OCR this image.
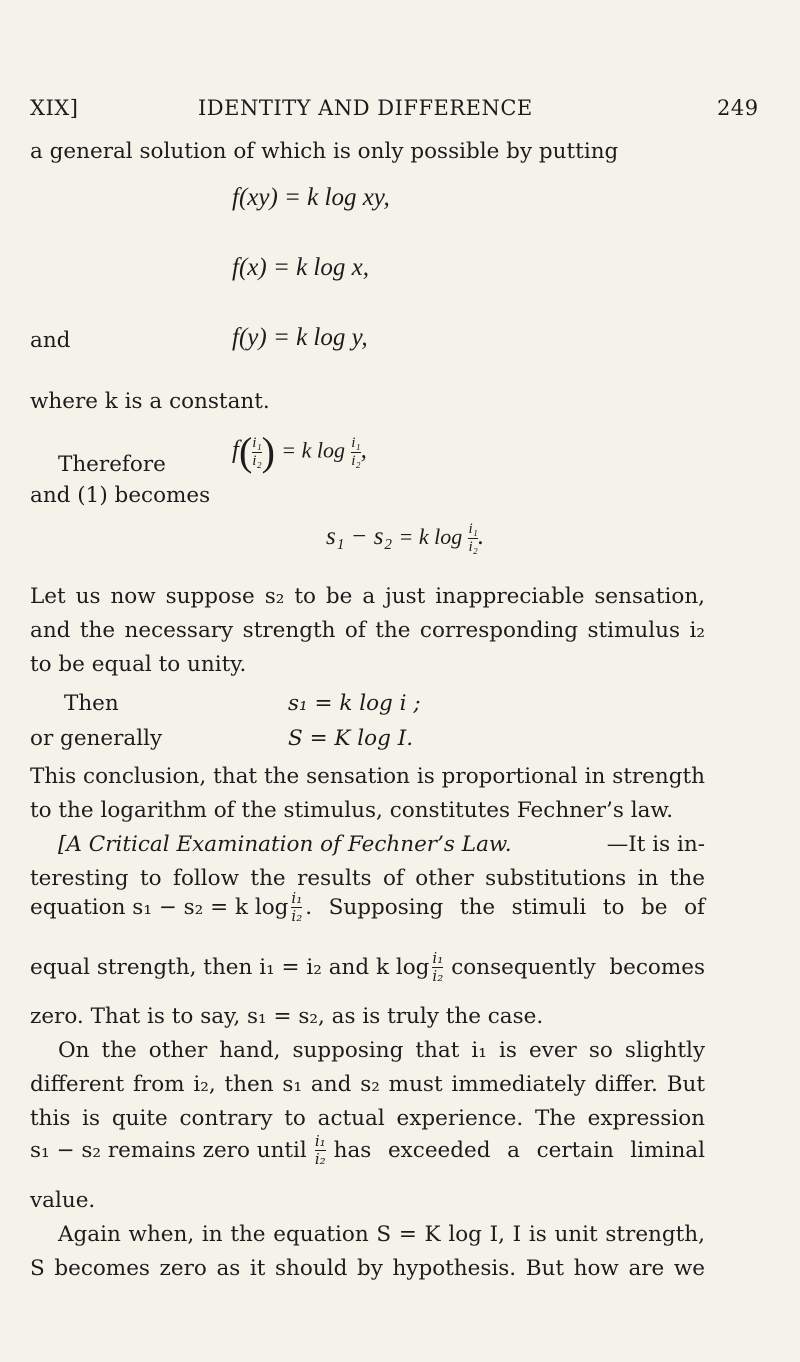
XIX]	IDENTITY AND DIFFERENCE	249
a general solution of which is only possible by putting
f(xy) = k log xy,
f(x) = k log x,
and	f(y) = k log y,
where k is a constant.
Therefore
$f( \frac{\text{i₁}}{\text{i₂}}$ ) = k $\log \frac{\text{i₁}}{\text{i₂}}$ ,
and (1) becomes
s₁ − s₂ = k $\log \frac{\text{i₁}}{\text{i₂}}$ .
Let us now suppose s₂ to be a just inappreciable sensation,
and the necessary strength of the corresponding stimulus i₂
to be equal to unity.
Then	s₁ = k log i ;
or generally	S = K log I.
This conclusion, that the sensation is proportional in strength
to the logarithm of the stimulus, constitutes Fechner’s law.
[A Critical Examination of Fechner’s Law.	—It is in-
teresting to follow the results of other substitutions in the
equation s₁ − s₂ = k $\log \frac{\text{i₁}}{\text{i₂}}$ . Supposing the stimuli to be of
equal strength, then i₁ = i₂ and k $\log \frac{\text{i₁}}{\text{i₂}}$ consequently becomes
zero. That is to say, s₁ = s₂, as is truly the case.
On the other hand, supposing that i₁ is ever so slightly
different from i₂, then s₁ and s₂ must immediately differ. But
this is quite contrary to actual experience. The expression
s₁ − s₂ remains zero until $\frac{\text{i₁}}{\text{i₂}}$ has exceeded a certain liminal
value.
Again when, in the equation S = K log I, I is unit strength,
S becomes zero as it should by hypothesis. But how are we
